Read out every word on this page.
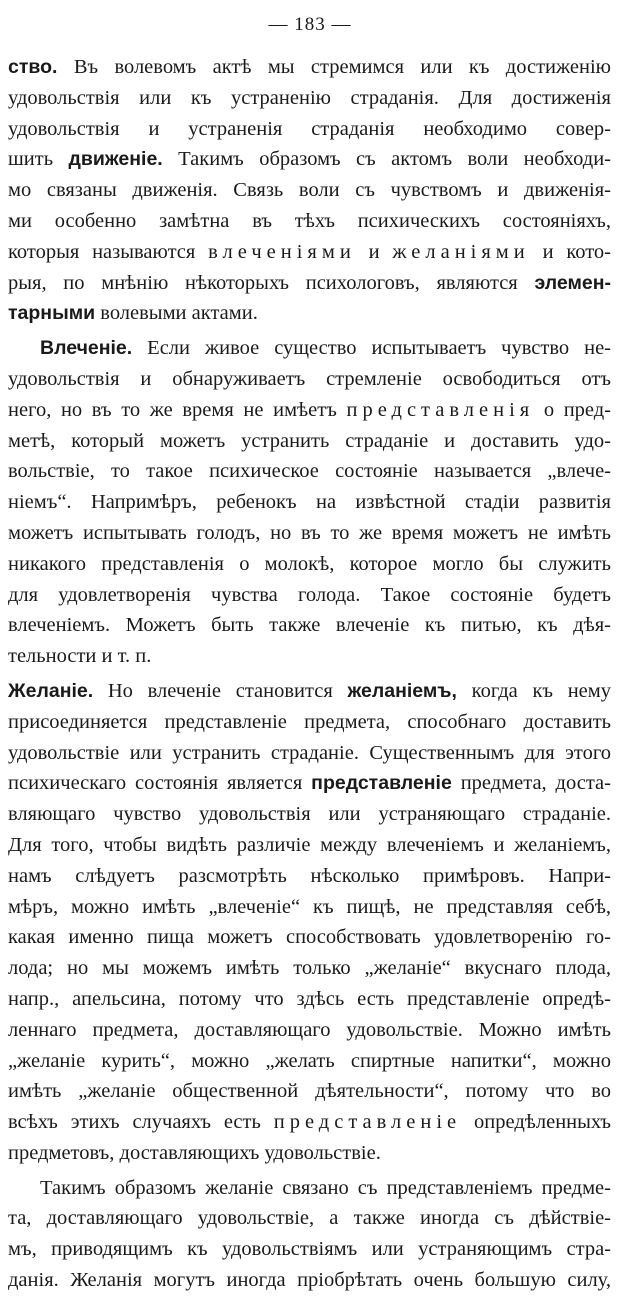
— 183 —
ство. Въ волевомъ актѣ мы стремимся или къ достиженію
удовольствія или къ устраненію страданія. Для достиженія
удовольствія и устраненія страданія необходимо совер-
шить движеніе. Такимъ образомъ съ актомъ воли необходи-
мо связаны движенія. Связь воли съ чувствомъ и движенія-
ми особенно замѣтна въ тѣхъ психическихъ состояніяхъ,
которыя называются влеченіями и желаніями и кото-
рыя, по мнѣнію нѣкоторыхъ психологовъ, являются элемен-
тарными волевыми актами.
Влеченіе. Если живое существо испытываетъ чувство не-
удовольствія и обнаруживаетъ стремленіе освободиться отъ
него, но въ то же время не имѣетъ представленія о пред-
метѣ, который можетъ устранить страданіе и доставить удо-
вольствіе, то такое психическое состояніе называется „влече-
ніемъ“. Напримѣръ, ребенокъ на извѣстной стадіи развитія
можетъ испытывать голодъ, но въ то же время можетъ не имѣть
никакого представленія о молокѣ, которое могло бы служить
для удовлетворенія чувства голода. Такое состояніе будетъ
влеченіемъ. Можетъ быть также влеченіе къ питью, къ дѣя-
тельности и т. п.
Желаніе. Но влеченіе становится желаніемъ, когда къ нему
присоединяется представленіе предмета, способнаго доставить
удовольствіе или устранить страданіе. Существеннымъ для этого
психическаго состоянія является представленіе предмета, доста-
вляющаго чувство удовольствія или устраняющаго страданіе.
Для того, чтобы видѣть различіе между влеченіемъ и желаніемъ,
намъ слѣдуетъ разсмотрѣть нѣсколько примѣровъ. Напри-
мѣръ, можно имѣть „влеченіе“ къ пищѣ, не представляя себѣ,
какая именно пища можетъ способствовать удовлетворенію го-
лода; но мы можемъ имѣть только „желаніе“ вкуснаго плода,
напр., апельсина, потому что здѣсь есть представленіе опредѣ-
леннаго предмета, доставляющаго удовольствіе. Можно имѣть
„желаніе курить“, можно „желать спиртные напитки“, можно
имѣть „желаніе общественной дѣятельности“, потому что во
всѣхъ этихъ случаяхъ есть представленіе опредѣленныхъ
предметовъ, доставляющихъ удовольствіе.
Такимъ образомъ желаніе связано съ представленіемъ предме-
та, доставляющаго удовольствіе, а также иногда съ дѣйствіе-
мъ, приводящимъ къ удовольствіямъ или устраняющимъ стра-
данія. Желанія могутъ иногда пріобрѣтать очень большую силу,
